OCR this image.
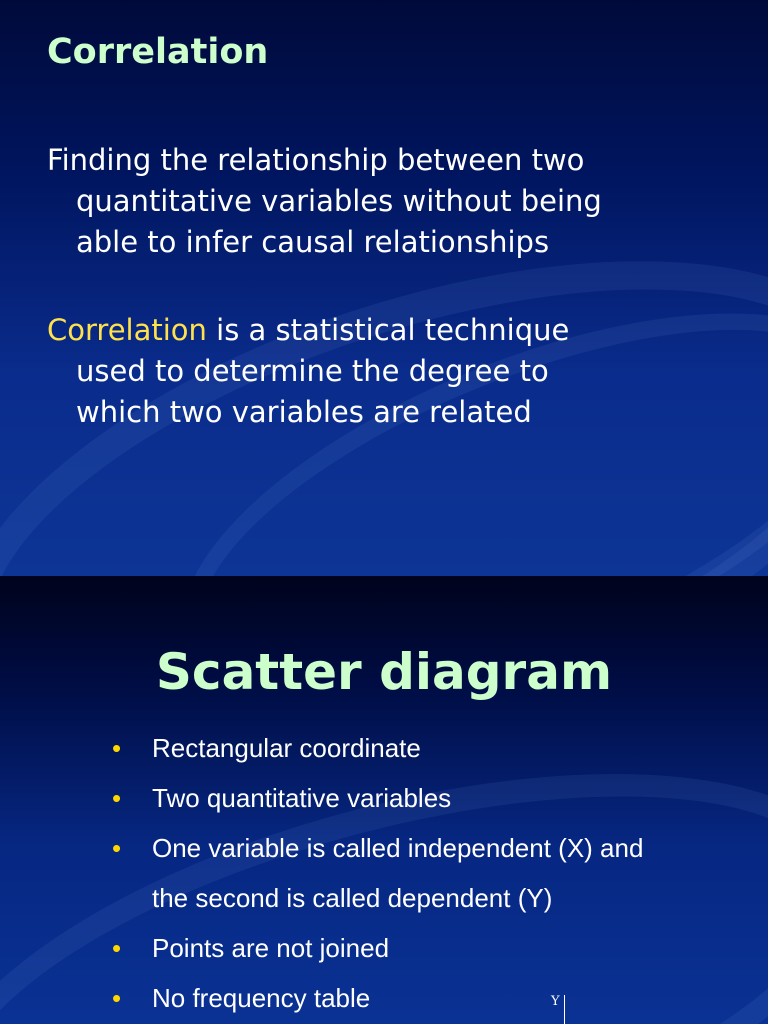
Correlation

Finding the relationship between two
quantitative variables without being
able to infer causal relationships

Correlation is a statistical technique
used to determine the degree to
which two variables are related

Scatter diagram
• Rectangular coordinate
• Two quantitative variables
• One variable is called independent (X) and
the second is called dependent (Y)
• Points are not joined
• No frequency table	Y
